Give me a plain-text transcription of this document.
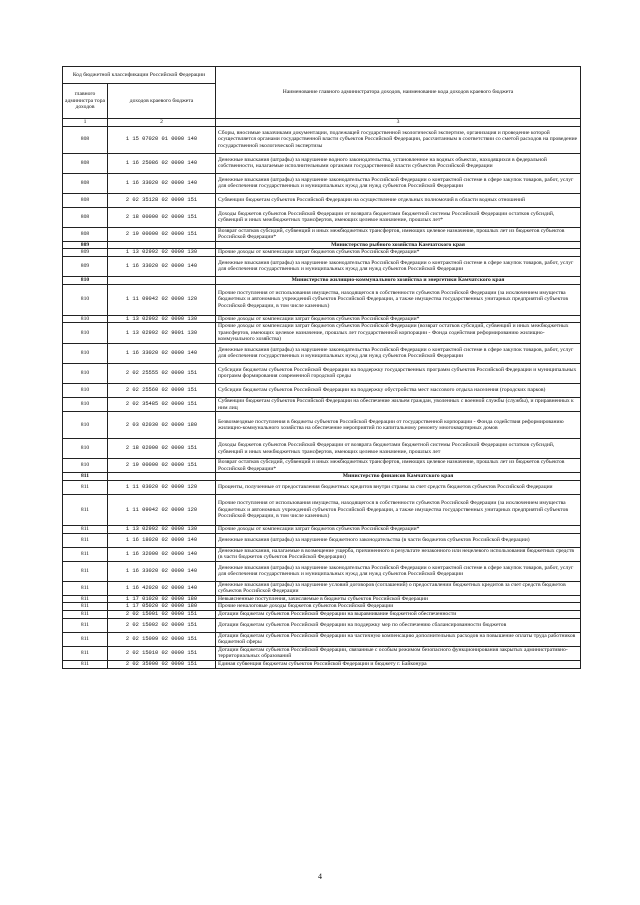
Код бюджетной классификации Российской Федерации		Наименование главного администратора доходов, наименование кода доходов краевого бюджета
главного администра тора доходов	доходов краевого бюджета	
1	2	3
808	1 15 07020 01 0000 140	Сборы, вносимые заказчиками документации, подлежащей государственной экологической экспертизе, организация и проведение которой осуществляется органами государственной власти субъектов Российской Федерации, рассчитанным в соответствии со сметой расходов на проведение государственной экологической экспертизы
808	1 16 25086 02 0000 140	Денежные взыскания (штрафы) за нарушение водного законодательства, установленное на водных объектах, находящихся в федеральной собственности, налагаемые исполнительными органами государственной власти субъектов Российской Федерации
808	1 16 33020 02 0000 140	Денежные взыскания (штрафы) за нарушение законодательства Российской Федерации о контрактной системе в сфере закупок товаров, работ, услуг для обеспечения государственных и муниципальных нужд для нужд субъектов Российской Федерации
808	2 02 35128 02 0000 151	Субвенции бюджетам субъектов Российской Федерации на осуществление отдельных полномочий в области водных отношений
808	2 18 00000 02 0000 151	Доходы бюджетов субъектов Российской Федерации от возврата бюджетами бюджетной системы Российской Федерации остатков субсидий, субвенций и иных межбюджетных трансфертов, имеющих целевое назначение, прошлых лет*
808	2 19 00000 02 0000 151	Возврат остатков субсидий, субвенций и иных межбюджетных трансфертов, имеющих целевое назначение, прошлых лет из бюджетов субъектов Российской Федерации*
809		Министерство рыбного хозяйства Камчатского края
809	1 13 02992 02 0000 130	Прочие доходы от компенсации затрат бюджетов субъектов Российской Федерации*
809	1 16 33020 02 0000 140	Денежные взыскания (штрафы) за нарушение законодательства Российской Федерации о контрактной системе в сфере закупок товаров, работ, услуг для обеспечения государственных и муниципальных нужд для нужд субъектов Российской Федерации
810		Министерство жилищно-коммунального хозяйства и энергетики Камчатского края
810	1 11 09042 02 0000 120	Прочие поступления от использования имущества, находящегося в собственности субъектов Российской Федерации (за исключением имущества бюджетных и автономных учреждений субъектов Российской Федерации, а также имущества государственных унитарных предприятий субъектов Российской Федерации, в том числе казенных)
810	1 13 02992 02 0000 130	Прочие доходы от компенсации затрат бюджетов субъектов Российской Федерации*
810	1 13 02992 02 9001 130	Прочие доходы от компенсации затрат бюджетов субъектов Российской Федерации (возврат остатков субсидий, субвенций и иных межбюджетных трансфертов, имеющих целевое назначение, прошлых лет государственной корпорации - Фонда содействия реформированию жилищно-коммунального хозяйства)
810	1 16 33020 02 0000 140	Денежные взыскания (штрафы) за нарушение законодательства Российской Федерации о контрактной системе в сфере закупок товаров, работ, услуг для обеспечения государственных и муниципальных нужд для нужд субъектов Российской Федерации
810	2 02 25555 02 0000 151	Субсидии бюджетам субъектов Российской Федерации на поддержку государственных программ субъектов Российской Федерации и муниципальных программ формирования современной городской среды
810	2 02 25560 02 0000 151	Субсидии бюджетам субъектов Российской Федерации на поддержку обустройства мест массового отдыха населения (городских парков)
810	2 02 35485 02 0000 151	Субвенции бюджетам субъектов Российской Федерации на обеспечение жильем граждан, уволенных с военной службы (службы), и приравненных к ним лиц
810	2 03 02030 02 0000 180	Безвозмездные поступления в бюджеты субъектов Российской Федерации от государственной корпорации - Фонда содействия реформированию жилищно-коммунального хозяйства на обеспечение мероприятий по капитальному ремонту многоквартирных домов
810	2 18 02000 02 0000 151	Доходы бюджетов субъектов Российской Федерации от возврата бюджетами бюджетной системы Российской Федерации остатков субсидий, субвенций и иных межбюджетных трансфертов, имеющих целевое назначение, прошлых лет
810	2 19 00000 02 0000 151	Возврат остатков субсидий, субвенций и иных межбюджетных трансфертов, имеющих целевое назначение, прошлых лет из бюджетов субъектов Российской Федерации*
811		Министерство финансов Камчатского края
811	1 11 03020 02 0000 120	Проценты, полученные от предоставления бюджетных кредитов внутри страны за счет средств бюджетов субъектов Российской Федерации
811	1 11 09042 02 0000 120	Прочие поступления от использования имущества, находящегося в собственности субъектов Российской Федерации (за исключением имущества бюджетных и автономных учреждений субъектов Российской Федерации, а также имущества государственных унитарных предприятий субъектов Российской Федерации, в том числе казенных)
811	1 13 02992 02 0000 130	Прочие доходы от компенсации затрат бюджетов субъектов Российской Федерации*
811	1 16 18020 02 0000 140	Денежные взыскания (штрафы) за нарушение бюджетного законодательства (в части бюджетов субъектов Российской Федерации)
811	1 16 32000 02 0000 140	Денежные взыскания, налагаемые в возмещение ущерба, причиненного в результате незаконного или нецелевого использования бюджетных средств (в части бюджетов субъектов Российской Федерации)
811	1 16 33020 02 0000 140	Денежные взыскания (штрафы) за нарушение законодательства Российской Федерации о контрактной системе в сфере закупок товаров, работ, услуг для обеспечения государственных и муниципальных нужд для нужд субъектов Российской Федерации
811	1 16 42020 02 0000 140	Денежные взыскания (штрафы) за нарушение условий договоров (соглашений) о предоставлении бюджетных кредитов за счет средств бюджетов субъектов Российской Федерации
811	1 17 01020 02 0000 180	Невыясненные поступления, зачисляемые в бюджеты субъектов Российской Федерации
811	1 17 05020 02 0000 180	Прочие неналоговые доходы бюджетов субъектов Российской Федерации
811	2 02 15001 02 0000 151	Дотации бюджетам субъектов Российской Федерации на выравнивание бюджетной обеспеченности
811	2 02 15002 02 0000 151	Дотации бюджетам субъектов Российской Федерации на поддержку мер по обеспечению сбалансированности бюджетов
811	2 02 15009 02 0000 151	Дотации бюджетам субъектов Российской Федерации на частичную компенсацию дополнительных расходов на повышение оплаты труда работников бюджетной сферы
811	2 02 15010 02 0000 151	Дотации бюджетам субъектов Российской Федерации, связанные с особым режимом безопасного функционирования закрытых административно-территориальных образований
811	2 02 35900 02 0000 151	Единая субвенция бюджетам субъектов Российской Федерации и бюджету г. Байконура
4
